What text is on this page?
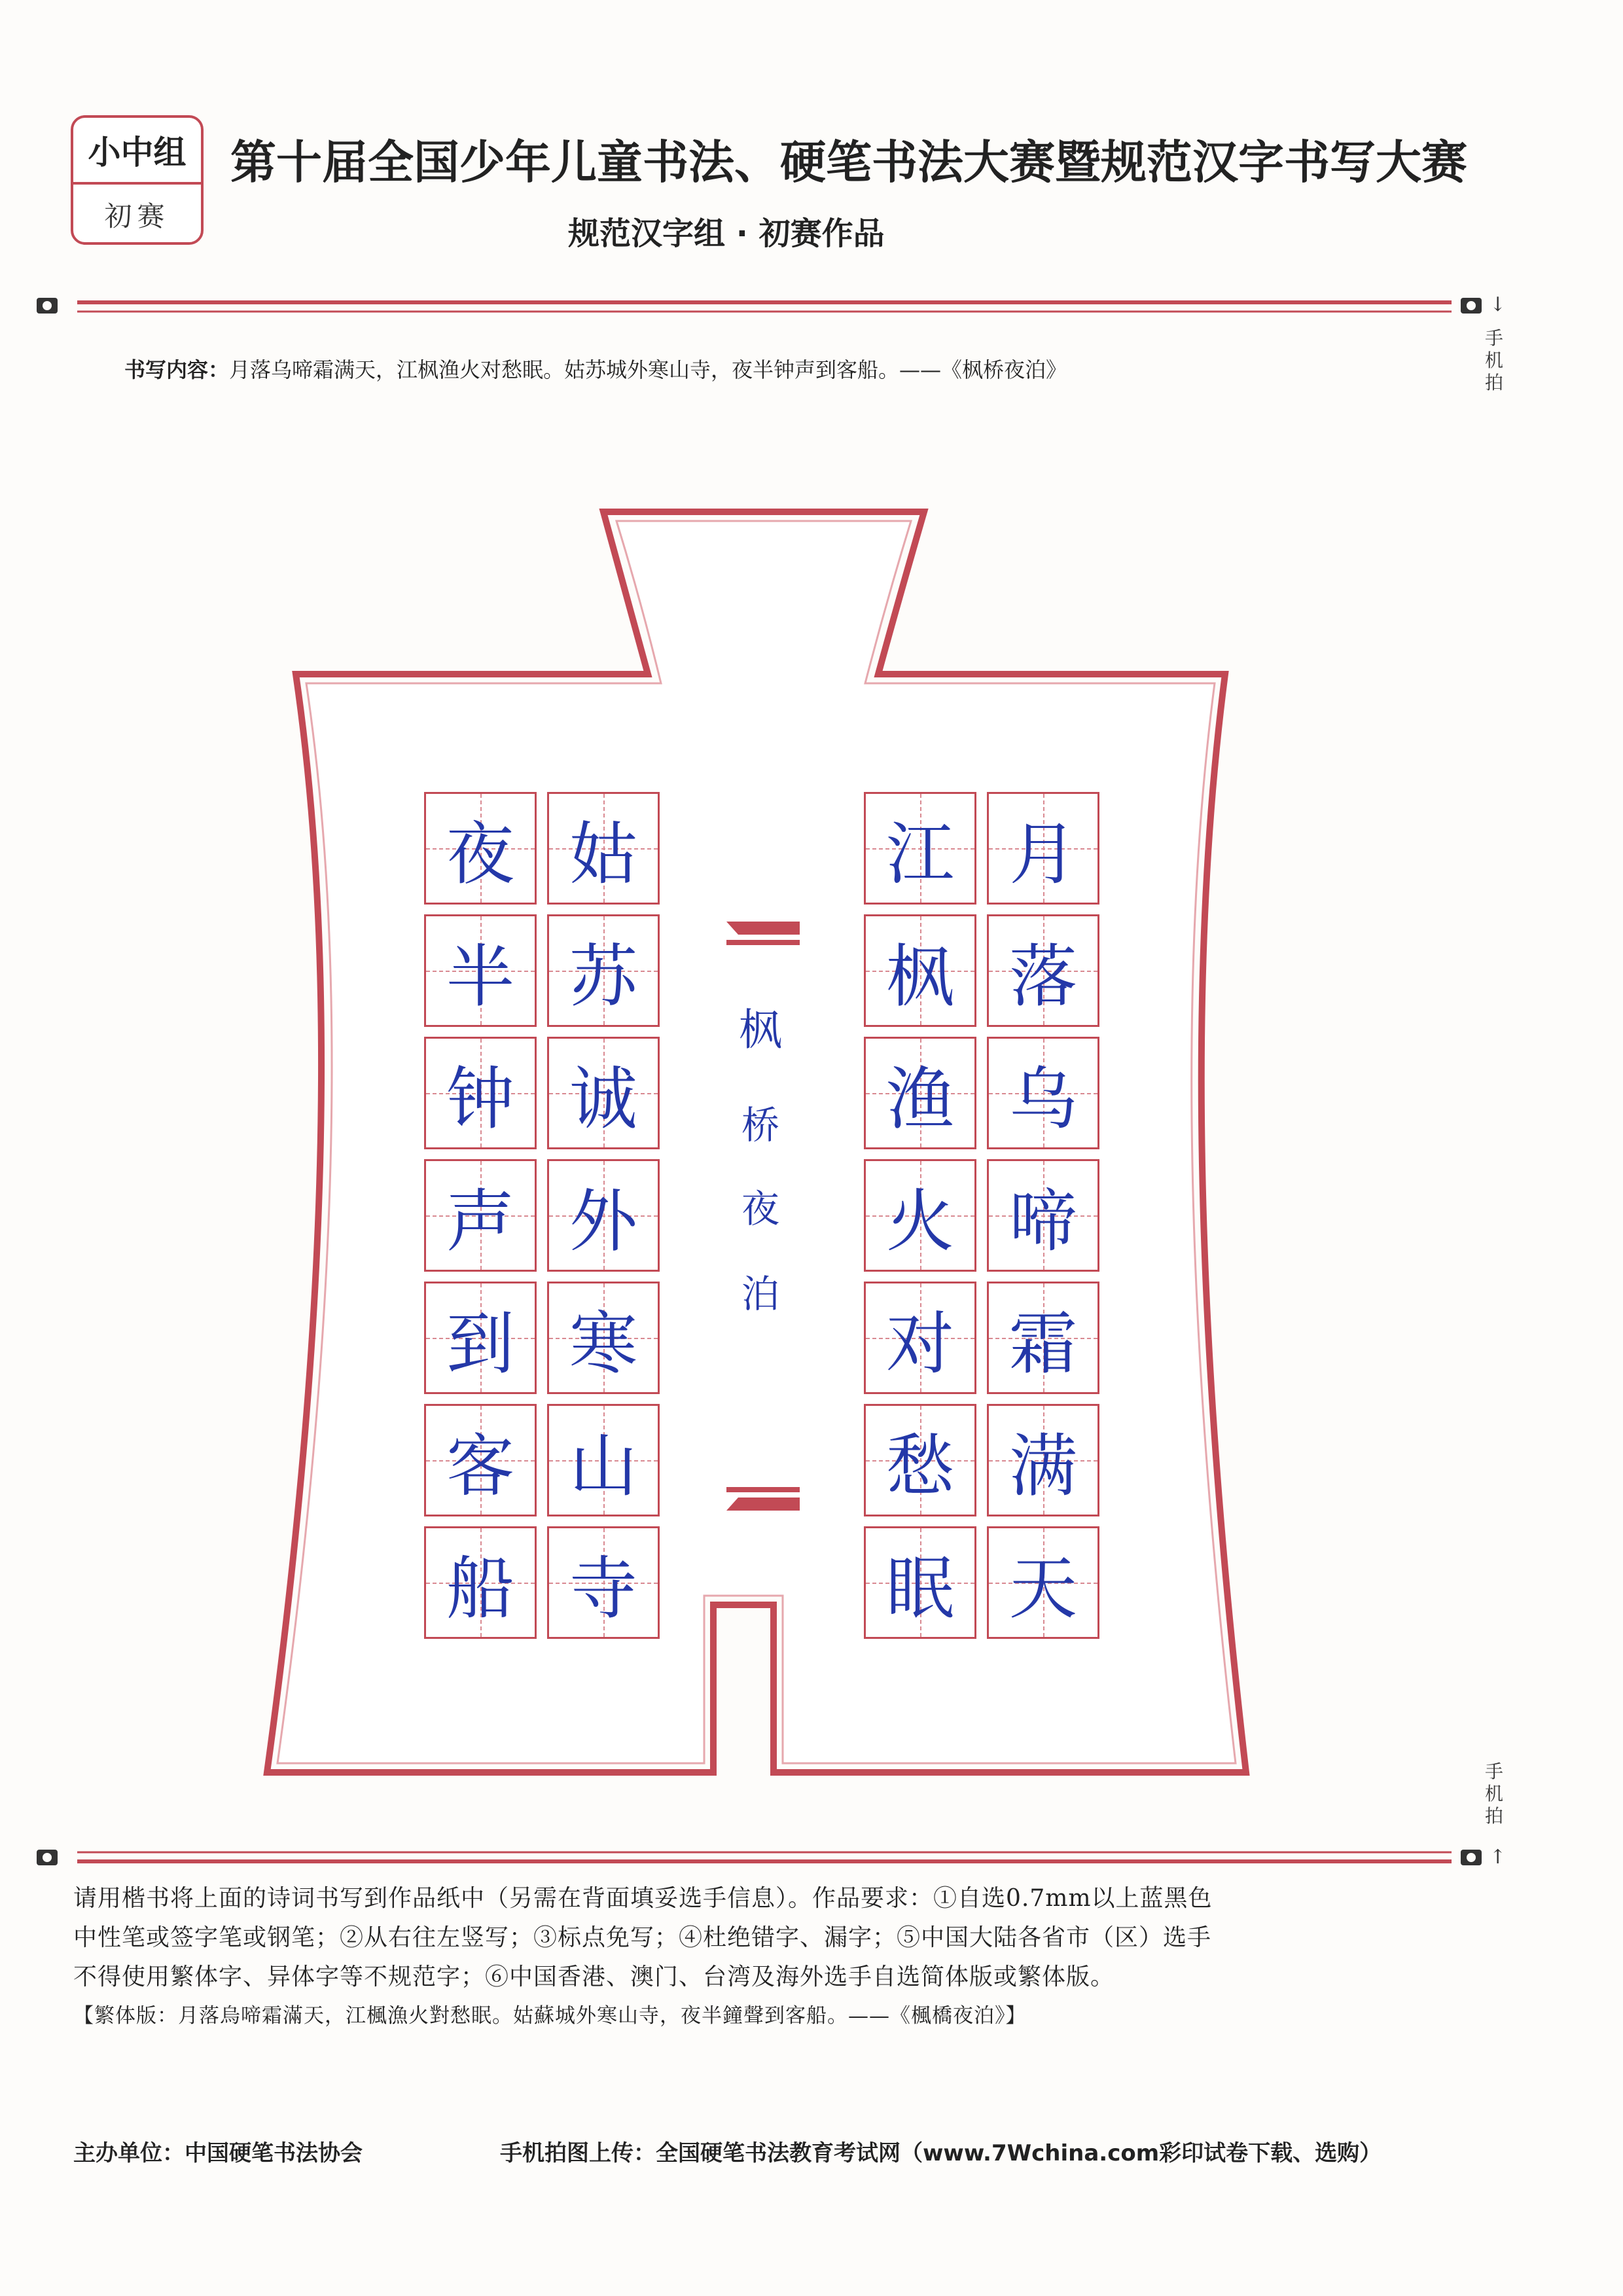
小中组
初赛
第十届全国少年儿童书法、硬笔书法大赛暨规范汉字书写大赛
规范汉字组 · 初赛作品
↓
手机拍
书写内容：月落乌啼霜满天，江枫渔火对愁眠。姑苏城外寒山寺，夜半钟声到客船。——《枫桥夜泊》
月
落
乌
啼
霜
满
天
江
枫
渔
火
对
愁
眠
姑
苏
诚
外
寒
山
寺
夜
半
钟
声
到
客
船
枫
桥
夜
泊
手机拍
↑
请用楷书将上面的诗词书写到作品纸中（另需在背面填妥选手信息）。作品要求：①自选0.7mm以上蓝黑色
中性笔或签字笔或钢笔；②从右往左竖写；③标点免写；④杜绝错字、漏字；⑤中国大陆各省市（区）选手
不得使用繁体字、异体字等不规范字；⑥中国香港、澳门、台湾及海外选手自选简体版或繁体版。
【繁体版：月落烏啼霜滿天，江楓漁火對愁眠。姑蘇城外寒山寺，夜半鐘聲到客船。——《楓橋夜泊》】
主办单位：中国硬笔书法协会	手机拍图上传：全国硬笔书法教育考试网（www.7Wchina.com彩印试卷下载、选购）
